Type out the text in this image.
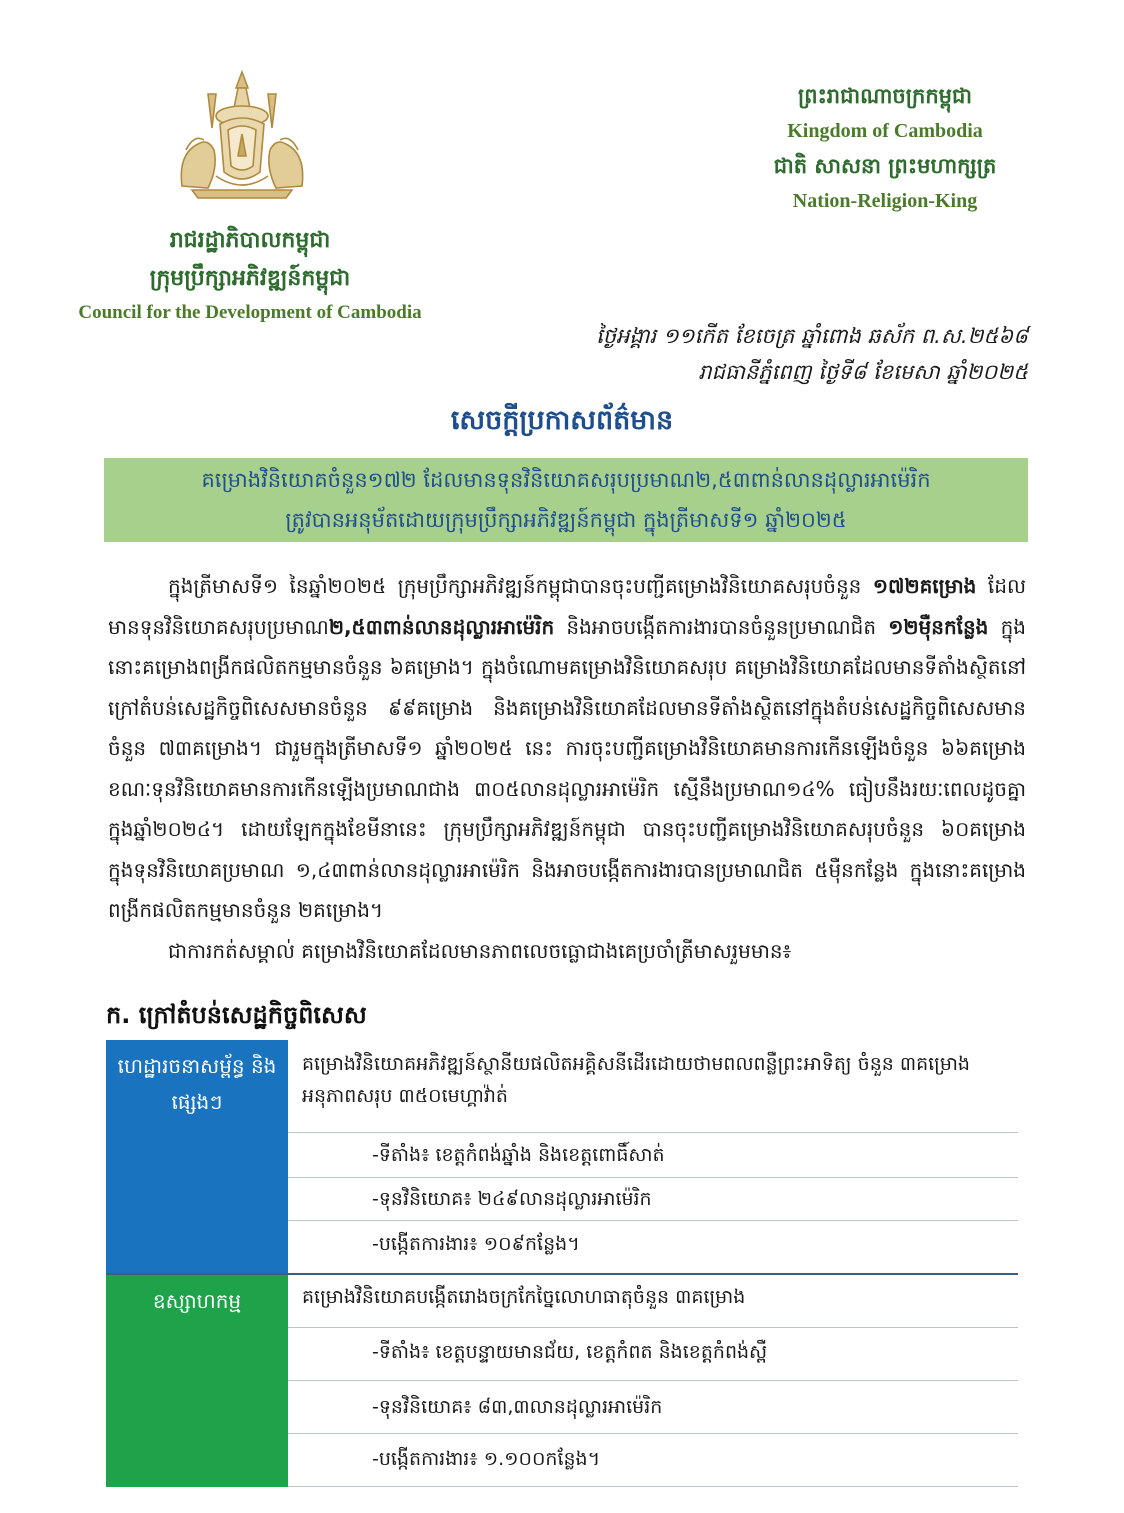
រាជរដ្ឋាភិបាលកម្ពុជា
ក្រុមប្រឹក្សាអភិវឌ្ឍន៍កម្ពុជា
Council for the Development of Cambodia
ព្រះរាជាណាចក្រកម្ពុជា
Kingdom of Cambodia
ជាតិ សាសនា ព្រះមហាក្សត្រ
Nation-Religion-King
ថ្ងៃអង្គារ ១១កើត ខែចេត្រ ឆ្នាំពោង ឆស័ក ព.ស.២៥៦៨
រាជធានីភ្នំពេញ ថ្ងៃទី៨ ខែមេសា ឆ្នាំ២០២៥
សេចក្តីប្រកាសព័ត៌មាន
គម្រោងវិនិយោគចំនួន១៧២ ដែលមានទុនវិនិយោគសរុបប្រមាណ២,៥៣ពាន់លានដុល្លារអាម៉េរិក
ត្រូវបានអនុម័តដោយក្រុមប្រឹក្សាអភិវឌ្ឍន៍កម្ពុជា ក្នុងត្រីមាសទី១ ឆ្នាំ២០២៥

ក្នុងត្រីមាសទី១ នៃឆ្នាំ២០២៥ ក្រុមប្រឹក្សាអភិវឌ្ឍន៍កម្ពុជាបានចុះបញ្ជីគម្រោងវិនិយោគសរុបចំនួន ១៧២គម្រោង ដែលមានទុនវិនិយោគសរុបប្រមាណ២,៥៣ពាន់លានដុល្លារអាម៉េរិក និងអាចបង្កើតការងារបានចំនួនប្រមាណជិត ១២ម៉ឺនកន្លែង ក្នុងនោះគម្រោងពង្រីកផលិតកម្មមានចំនួន ៦គម្រោង។ ក្នុងចំណោមគម្រោងវិនិយោគសរុប គម្រោងវិនិយោគដែលមានទីតាំងស្ថិតនៅក្រៅតំបន់សេដ្ឋកិច្ចពិសេសមានចំនួន ៩៩គម្រោង និងគម្រោងវិនិយោគដែលមានទីតាំងស្ថិតនៅក្នុងតំបន់សេដ្ឋកិច្ចពិសេសមានចំនួន ៧៣គម្រោង។ ជារួមក្នុងត្រីមាសទី១ ឆ្នាំ២០២៥ នេះ ការចុះបញ្ជីគម្រោងវិនិយោគមានការកើនឡើងចំនួន ៦៦គម្រោង ខណៈទុនវិនិយោគមានការកើនឡើងប្រមាណជាង ៣០៥លានដុល្លារអាម៉េរិក ស្មើនឹងប្រមាណ១៤% ធៀបនឹងរយៈពេលដូចគ្នាក្នុងឆ្នាំ២០២៤។ ដោយឡែកក្នុងខែមីនានេះ ក្រុមប្រឹក្សាអភិវឌ្ឍន៍កម្ពុជា បានចុះបញ្ជីគម្រោងវិនិយោគសរុបចំនួន ៦០គម្រោង ក្នុងទុនវិនិយោគប្រមាណ ១,៤៣ពាន់លានដុល្លារអាម៉េរិក និងអាចបង្កើតការងារបានប្រមាណជិត ៥ម៉ឺនកន្លែង ក្នុងនោះគម្រោងពង្រីកផលិតកម្មមានចំនួន ២គម្រោង។

ជាការកត់សម្គាល់ គម្រោងវិនិយោគដែលមានភាពលេចធ្លោជាងគេប្រចាំត្រីមាសរួមមាន៖

ក. ក្រៅតំបន់សេដ្ឋកិច្ចពិសេស
ហេដ្ឋារចនាសម្ព័ន្ធ និងផ្សេងៗ	គម្រោងវិនិយោគអភិវឌ្ឍន៍ស្ថានីយផលិតអគ្គិសនីដើរដោយថាមពលពន្លឺព្រះអាទិត្យ ចំនួន ៣គម្រោង អនុភាពសរុប ៣៥០មេហ្គាវ៉ាត់
	-ទីតាំង៖ ខេត្តកំពង់ឆ្នាំង និងខេត្តពោធិ៍សាត់
	-ទុនវិនិយោគ៖ ២៤៩លានដុល្លារអាម៉េរិក
	-បង្កើតការងារ៖ ១០៩កន្លែង។
ឧស្សាហកម្ម	គម្រោងវិនិយោគបង្កើតរោងចក្រកែច្នៃលោហធាតុចំនួន ៣គម្រោង
	-ទីតាំង៖ ខេត្តបន្ទាយមានជ័យ, ខេត្តកំពត និងខេត្តកំពង់ស្ពឺ
	-ទុនវិនិយោគ៖ ៨៣,៣លានដុល្លារអាម៉េរិក
	-បង្កើតការងារ៖ ១.១០០កន្លែង។
